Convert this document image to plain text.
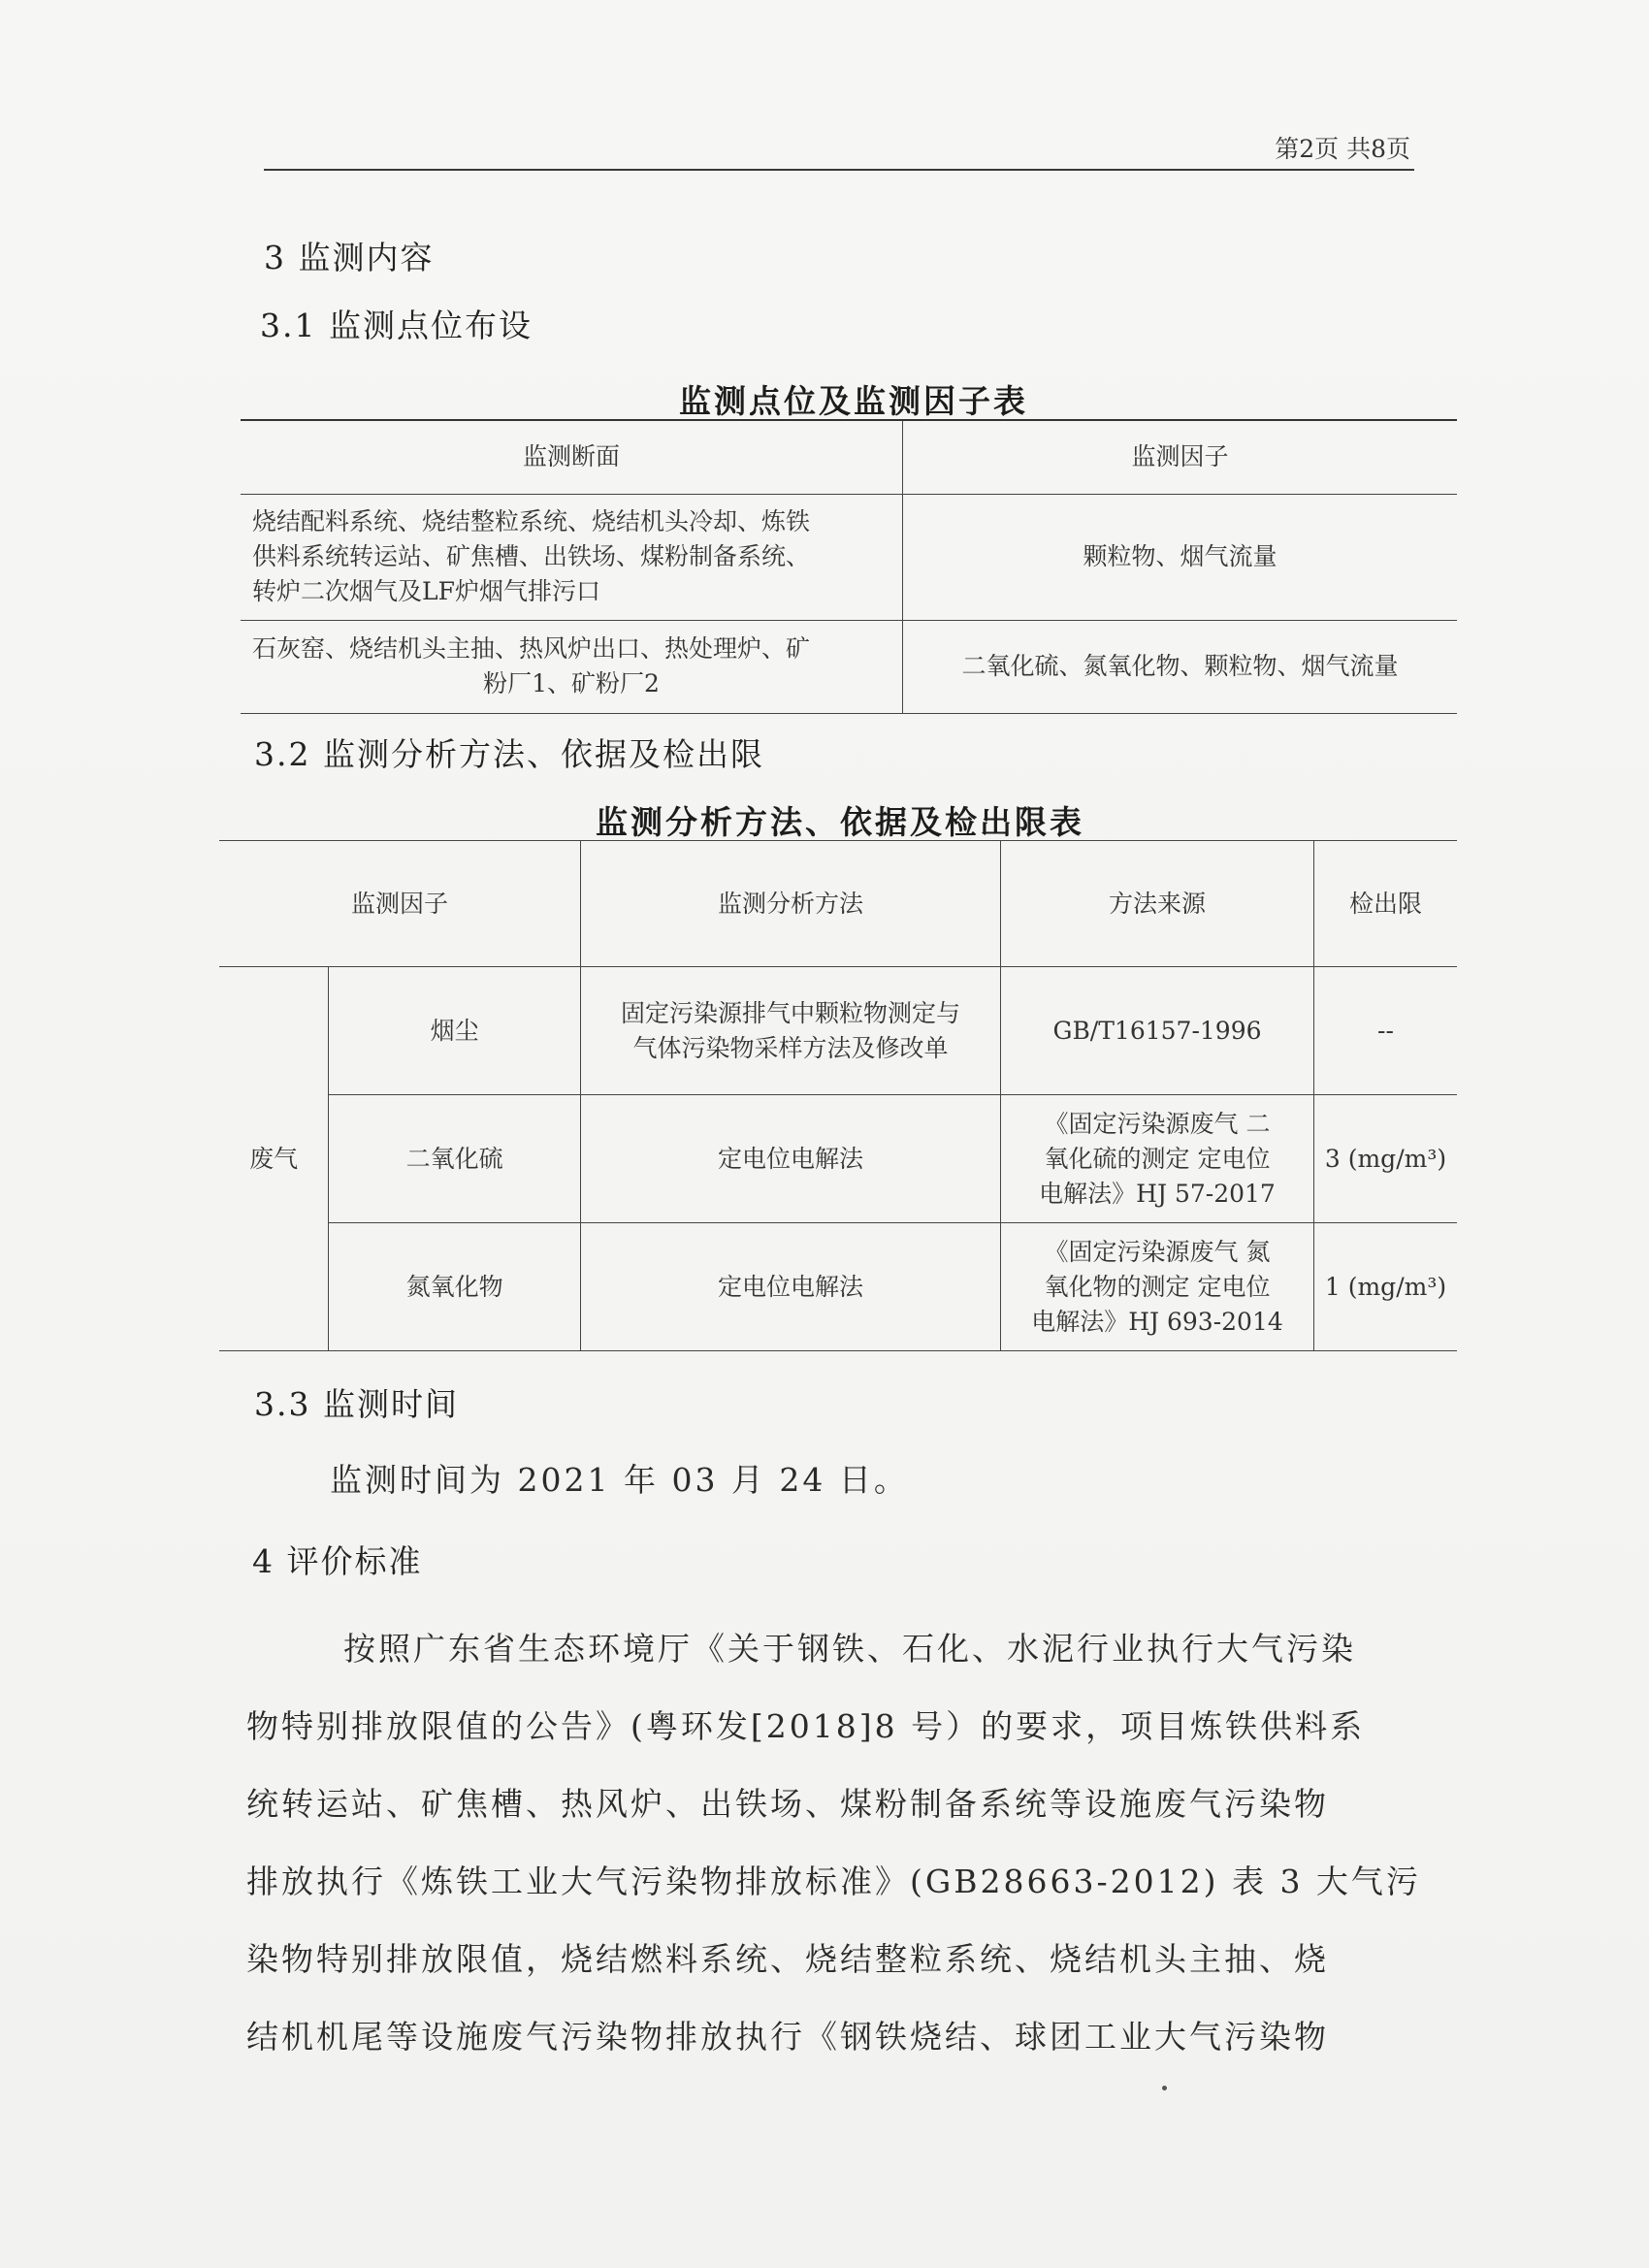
第2页 共8页
3 监测内容
3.1 监测点位布设
监测点位及监测因子表
监测断面	监测因子

烧结配料系统、烧结整粒系统、烧结机头冷却、炼铁
供料系统转运站、矿焦槽、出铁场、煤粉制备系统、
转炉二次烟气及LF炉烟气排污口	颗粒物、烟气流量

石灰窑、烧结机头主抽、热风炉出口、热处理炉、矿
粉厂1、矿粉厂2	二氧化硫、氮氧化物、颗粒物、烟气流量
3.2 监测分析方法、依据及检出限
监测分析方法、依据及检出限表
监测因子		监测分析方法	方法来源	检出限
废气	烟尘	固定污染源排气中颗粒物测定与
气体污染物采样方法及修改单	GB/T16157-1996	--
	二氧化硫	定电位电解法	《固定污染源废气 二
氧化硫的测定 定电位
电解法》HJ 57-2017	3 (mg/m³)
	氮氧化物	定电位电解法	《固定污染源废气 氮
氧化物的测定 定电位
电解法》HJ 693-2014	1 (mg/m³)
3.3 监测时间
监测时间为 2021 年 03 月 24 日。
4 评价标准
按照广东省生态环境厅《关于钢铁、石化、水泥行业执行大气污染
物特别排放限值的公告》(粤环发[2018]8 号）的要求，项目炼铁供料系
统转运站、矿焦槽、热风炉、出铁场、煤粉制备系统等设施废气污染物
排放执行《炼铁工业大气污染物排放标准》(GB28663-2012) 表 3 大气污
染物特别排放限值，烧结燃料系统、烧结整粒系统、烧结机头主抽、烧
结机机尾等设施废气污染物排放执行《钢铁烧结、球团工业大气污染物
